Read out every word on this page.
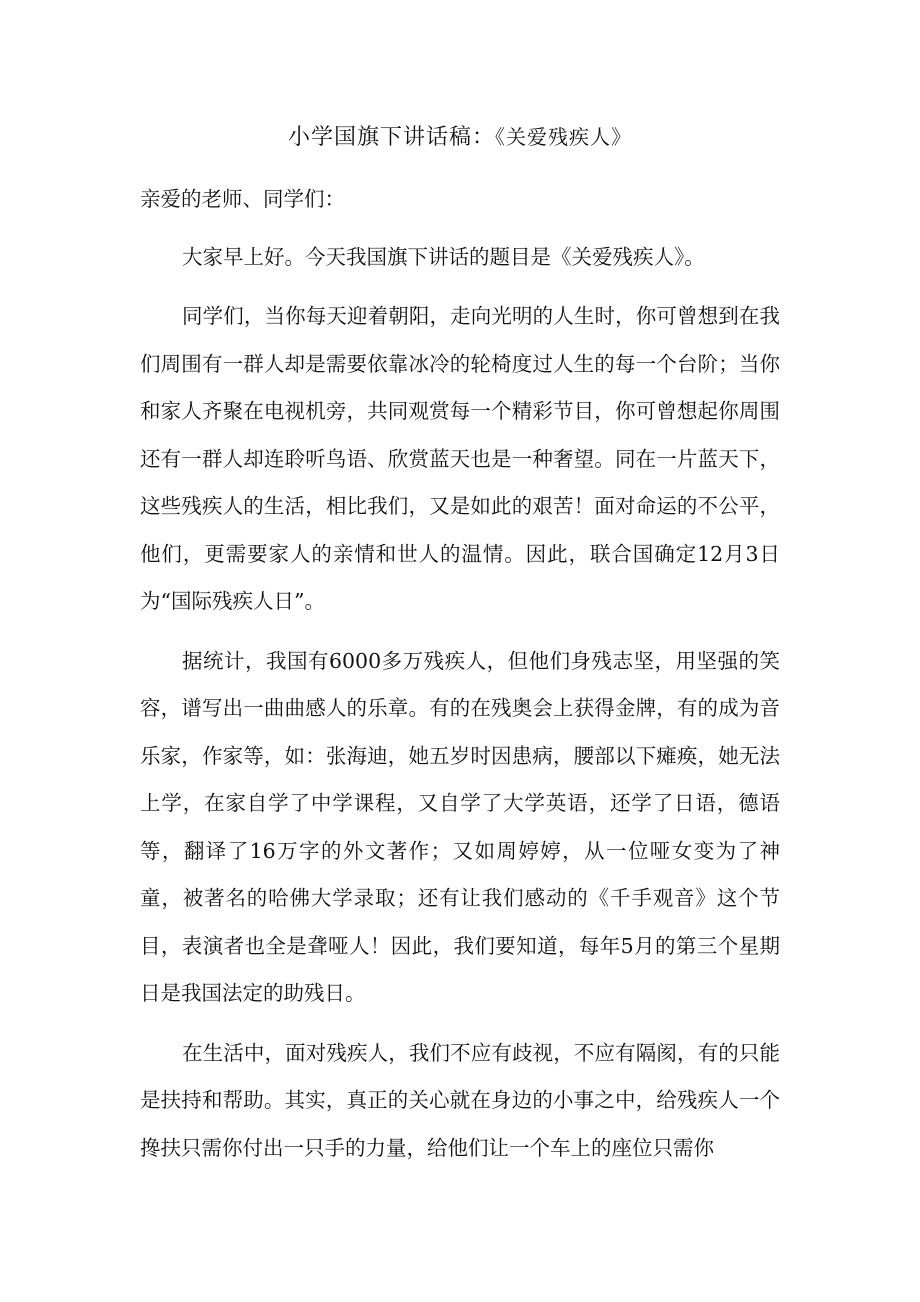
小学国旗下讲话稿：《关爱残疾人》

亲爱的老师、同学们：

大家早上好。今天我国旗下讲话的题目是《关爱残疾人》。

同学们，当你每天迎着朝阳，走向光明的人生时，你可曾想到在我们周围有一群人却是需要依靠冰冷的轮椅度过人生的每一个台阶；当你和家人齐聚在电视机旁，共同观赏每一个精彩节目，你可曾想起你周围还有一群人却连聆听鸟语、欣赏蓝天也是一种奢望。同在一片蓝天下，这些残疾人的生活，相比我们，又是如此的艰苦！面对命运的不公平，他们，更需要家人的亲情和世人的温情。因此，联合国确定12月3日为“国际残疾人日”。

据统计，我国有6000多万残疾人，但他们身残志坚，用坚强的笑容，谱写出一曲曲感人的乐章。有的在残奥会上获得金牌，有的成为音乐家，作家等，如：张海迪，她五岁时因患病，腰部以下瘫痪，她无法上学，在家自学了中学课程，又自学了大学英语，还学了日语，德语等，翻译了16万字的外文著作；又如周婷婷，从一位哑女变为了神童，被著名的哈佛大学录取；还有让我们感动的《千手观音》这个节目，表演者也全是聋哑人！因此，我们要知道，每年5月的第三个星期日是我国法定的助残日。

在生活中，面对残疾人，我们不应有歧视，不应有隔阂，有的只能是扶持和帮助。其实，真正的关心就在身边的小事之中，给残疾人一个搀扶只需你付出一只手的力量，给他们让一个车上的座位只需你
